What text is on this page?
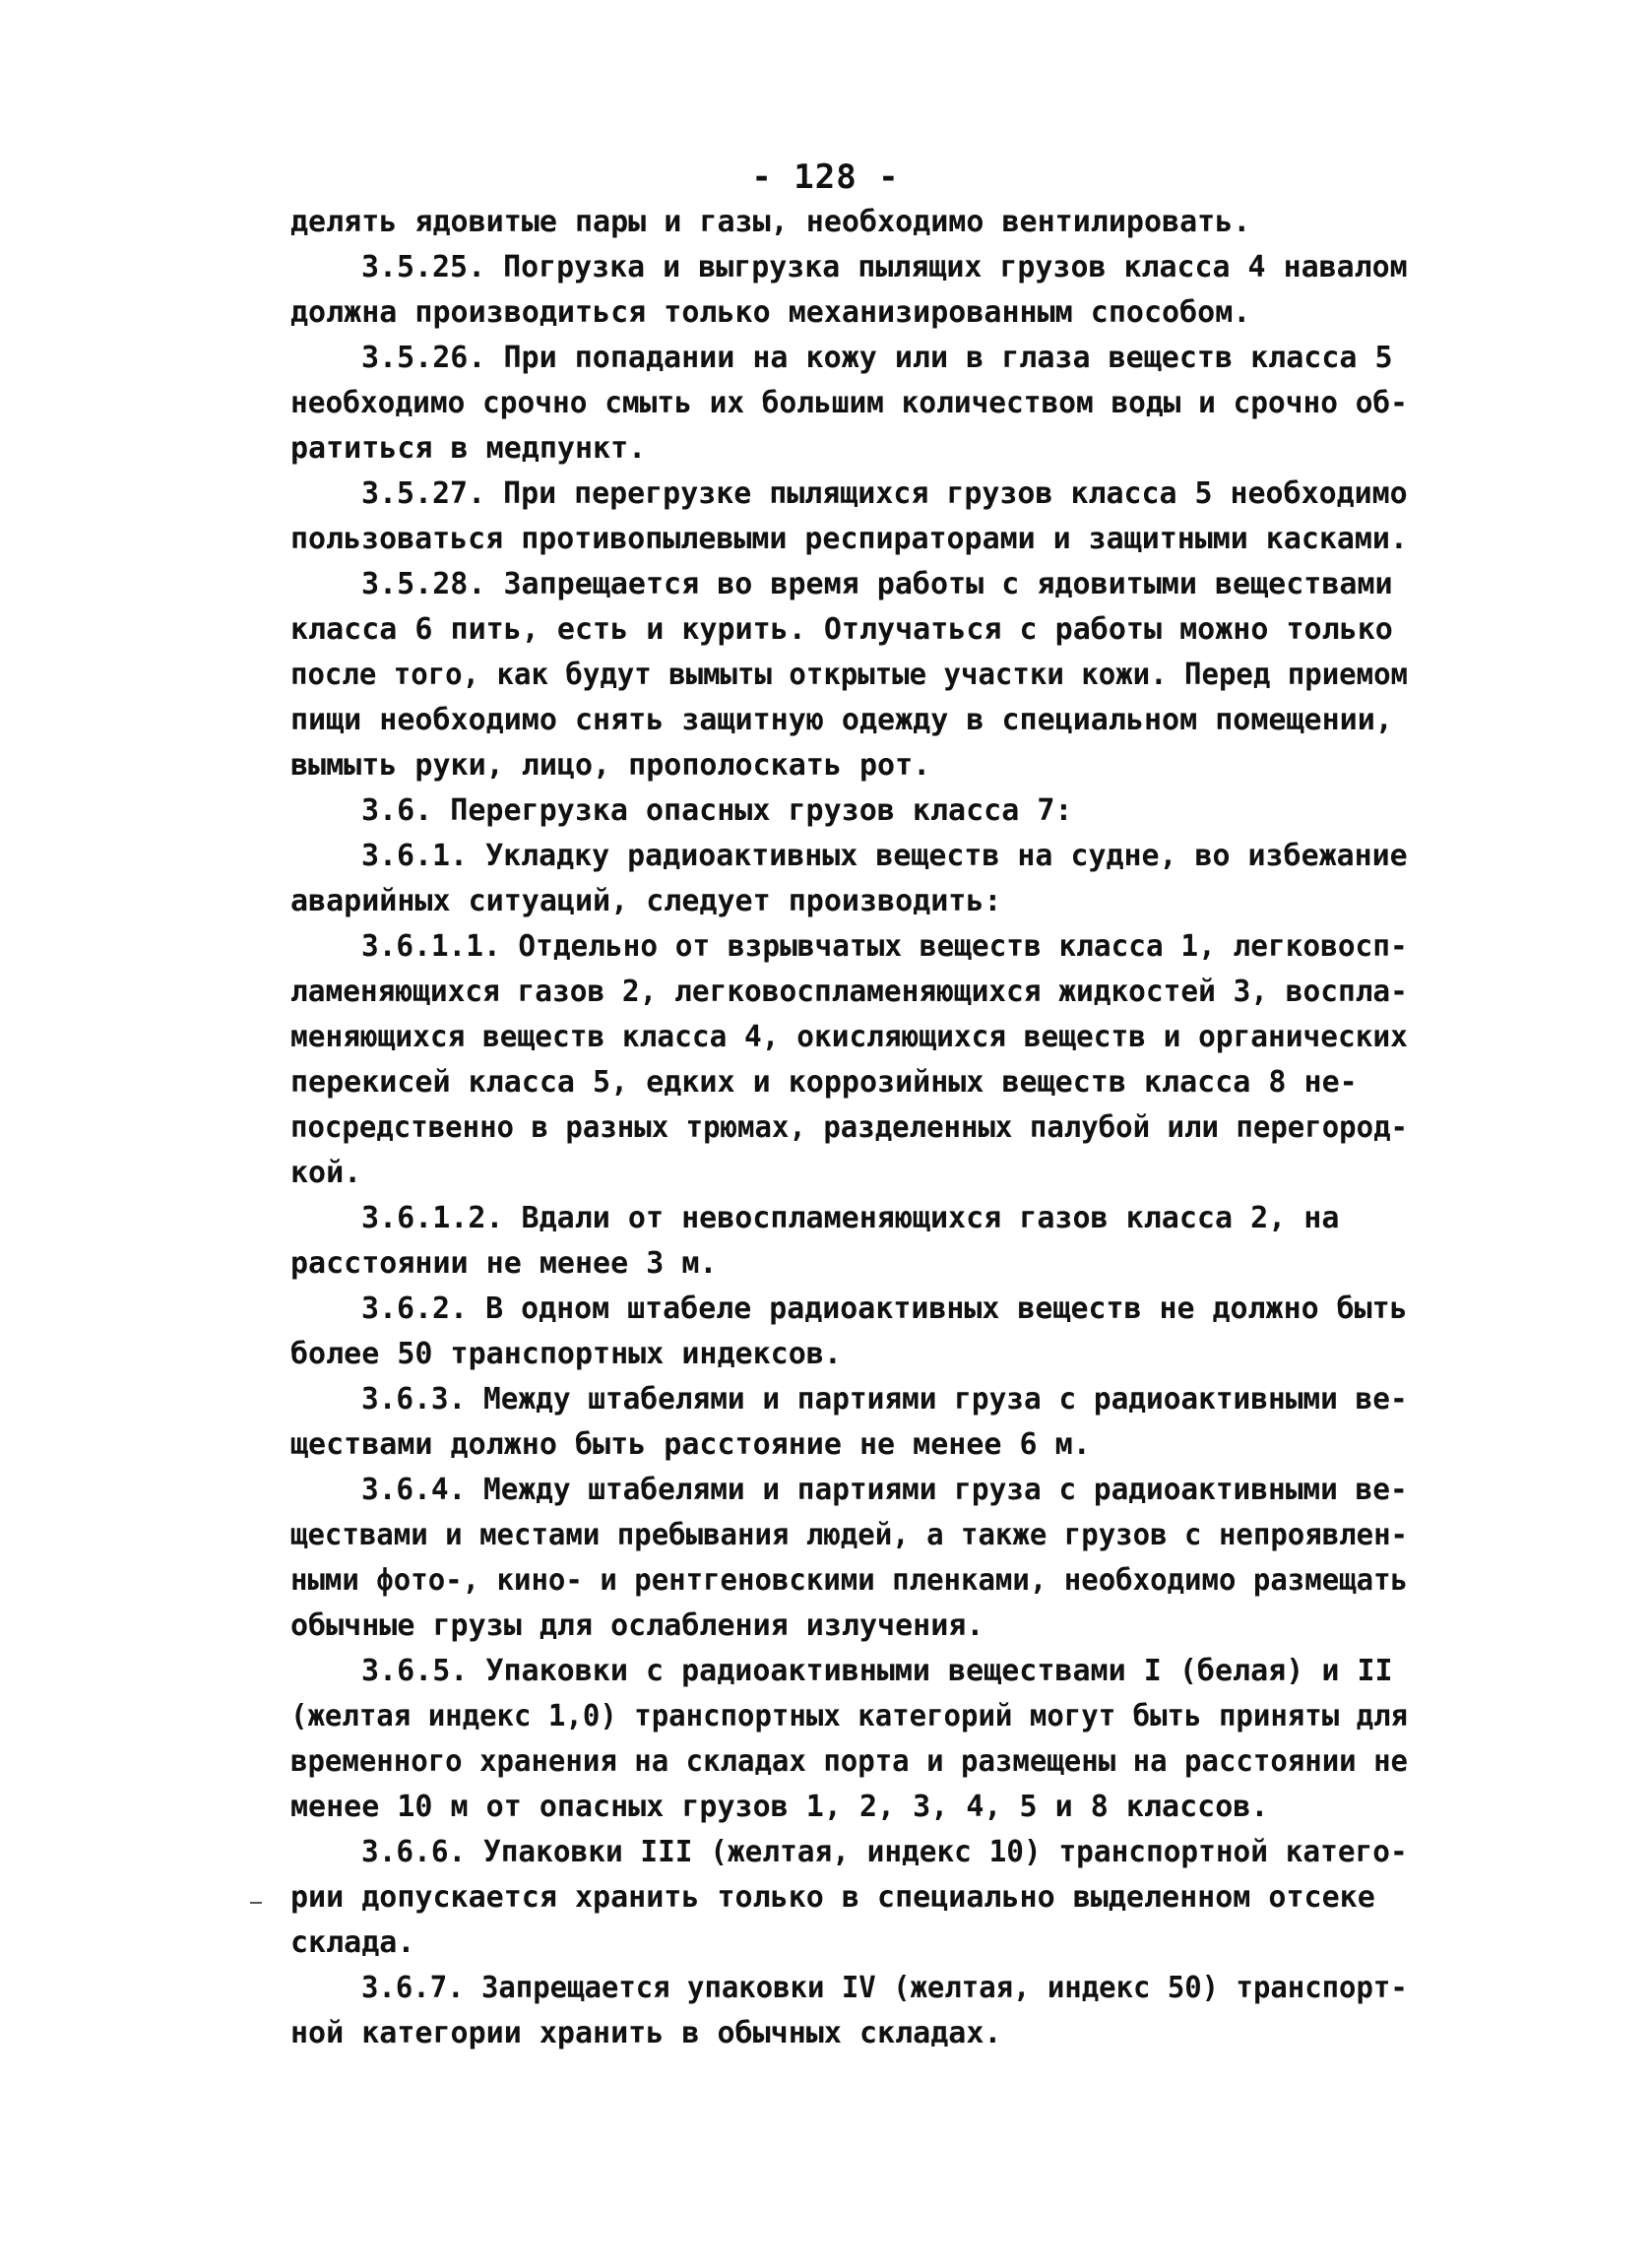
- 128 -

делять ядовитые пары и газы, необходимо вентилировать.

3.5.25. Погрузка и выгрузка пылящих грузов класса 4 навалом

должна производиться только механизированным способом.

3.5.26. При попадании на кожу или в глаза веществ класса 5

необходимо срочно смыть их большим количеством воды и срочно об-

ратиться в медпункт.

3.5.27. При перегрузке пылящихся грузов класса 5 необходимо

пользоваться противопылевыми респираторами и защитными касками.

3.5.28. Запрещается во время работы с ядовитыми веществами

класса 6 пить, есть и курить. Отлучаться с работы можно только

после того, как будут вымыты открытые участки кожи. Перед приемом

пищи необходимо снять защитную одежду в специальном помещении,

вымыть руки, лицо, прополоскать рот.

3.6. Перегрузка опасных грузов класса 7:

3.6.1. Укладку радиоактивных веществ на судне, во избежание

аварийных ситуаций, следует производить:

3.6.1.1. Отдельно от взрывчатых веществ класса 1, легковосп-

ламеняющихся газов 2, легковоспламеняющихся жидкостей 3, воспла-

меняющихся веществ класса 4, окисляющихся веществ и органических

перекисей класса 5, едких и коррозийных веществ класса 8 не-

посредственно в разных трюмах, разделенных палубой или перегород-

кой.

3.6.1.2. Вдали от невоспламеняющихся газов класса 2, на

расстоянии не менее 3 м.

3.6.2. В одном штабеле радиоактивных веществ не должно быть

более 50 транспортных индексов.

3.6.3. Между штабелями и партиями груза с радиоактивными ве-

ществами должно быть расстояние не менее 6 м.

3.6.4. Между штабелями и партиями груза с радиоактивными ве-

ществами и местами пребывания людей, а также грузов с непроявлен-

ными фото-, кино- и рентгеновскими пленками, необходимо размещать

обычные грузы для ослабления излучения.

3.6.5. Упаковки с радиоактивными веществами I (белая) и II

(желтая индекс 1,0) транспортных категорий могут быть приняты для

временного хранения на складах порта и размещены на расстоянии не

менее 10 м от опасных грузов 1, 2, 3, 4, 5 и 8 классов.

3.6.6. Упаковки III (желтая, индекс 10) транспортной катего-

рии допускается хранить только в специально выделенном отсеке

склада.

3.6.7. Запрещается упаковки IV (желтая, индекс 50) транспорт-

ной категории хранить в обычных складах.
